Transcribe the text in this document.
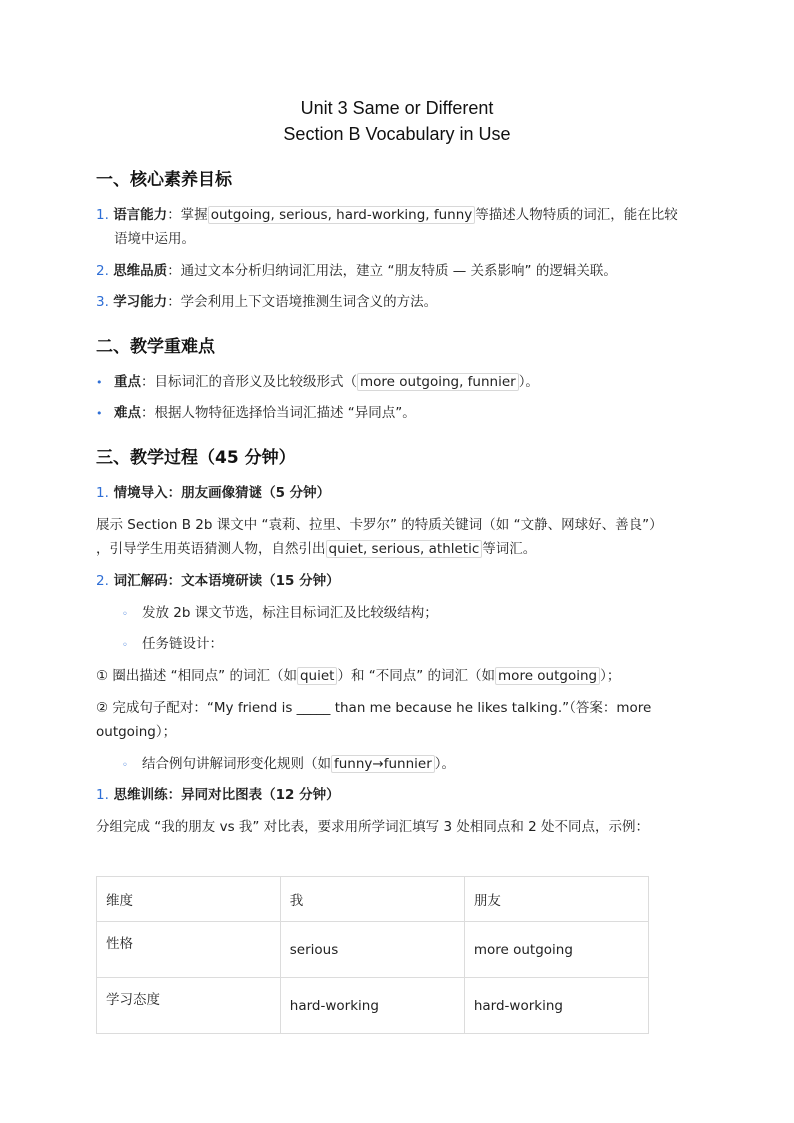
Unit 3 Same or Different
Section B Vocabulary in Use
一、核心素养目标
1. 语言能力：掌握 outgoing, serious, hard-working, funny 等描述人物特质的词汇，能在比较
语境中运用。
2. 思维品质：通过文本分析归纳词汇用法，建立 “朋友特质 — 关系影响” 的逻辑关联。
3. 学习能力：学会利用上下文语境推测生词含义的方法。
二、教学重难点
• 重点：目标词汇的音形义及比较级形式（ more outgoing, funnier ）。
• 难点：根据人物特征选择恰当词汇描述 “异同点”。
三、教学过程（45 分钟）
1. 情境导入：朋友画像猜谜（5 分钟）
展示 Section B 2b 课文中 “袁莉、拉里、卡罗尔” 的特质关键词（如 “文静、网球好、善良”）
，引导学生用英语猜测人物，自然引出 quiet, serious, athletic 等词汇。
2. 词汇解码：文本语境研读（15 分钟）
◦ 发放 2b 课文节选，标注目标词汇及比较级结构；
◦ 任务链设计：
① 圈出描述 “相同点” 的词汇（如 quiet ）和 “不同点” 的词汇（如 more outgoing ）；
② 完成句子配对：“My friend is _____ than me because he likes talking.”（答案：more
outgoing）；
◦ 结合例句讲解词形变化规则（如 funny→funnier ）。
1. 思维训练：异同对比图表（12 分钟）
分组完成 “我的朋友 vs 我” 对比表，要求用所学词汇填写 3 处相同点和 2 处不同点，示例：
维度	我	朋友
性格	serious	more outgoing
学习态度	hard-working	hard-working
